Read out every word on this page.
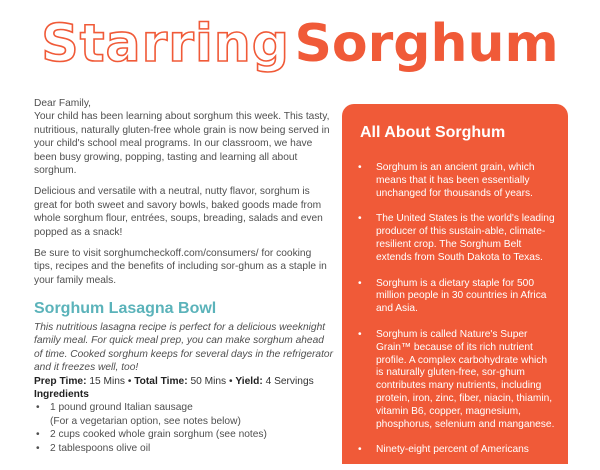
Starring Sorghum

Dear Family,
Your child has been learning about sorghum this week. This tasty, nutritious, naturally gluten-free whole grain is now being served in your child's school meal programs. In our classroom, we have been busy growing, popping, tasting and learning all about sorghum.

Delicious and versatile with a neutral, nutty flavor, sorghum is great for both sweet and savory bowls, baked goods made from whole sorghum flour, entrées, soups, breading, salads and even popped as a snack!

Be sure to visit sorghumcheckoff.com/consumers/ for cooking tips, recipes and the benefits of including sor-ghum as a staple in your family meals.

Sorghum Lasagna Bowl

This nutritious lasagna recipe is perfect for a delicious weeknight family meal. For quick meal prep, you can make sorghum ahead of time. Cooked sorghum keeps for several days in the refrigerator and it freezes well, too!

Prep Time: 15 Mins • Total Time: 50 Mins • Yield: 4 Servings

Ingredients

• 1 pound ground Italian sausage
(For a vegetarian option, see notes below)
• 2 cups cooked whole grain sorghum (see notes)
• 2 tablespoons olive oil
All About Sorghum
• Sorghum is an ancient grain, which means that it has been essentially unchanged for thousands of years.
• The United States is the world's leading producer of this sustain-able, climate-resilient crop. The Sorghum Belt extends from South Dakota to Texas.
• Sorghum is a dietary staple for 500 million people in 30 countries in Africa and Asia.
• Sorghum is called Nature's Super Grain™ because of its rich nutrient profile. A complex carbohydrate which is naturally gluten-free, sor-ghum contributes many nutrients, including protein, iron, zinc, fiber, niacin, thiamin, vitamin B6, copper, magnesium, phosphorus, selenium and manganese.
• Ninety-eight percent of Americans
